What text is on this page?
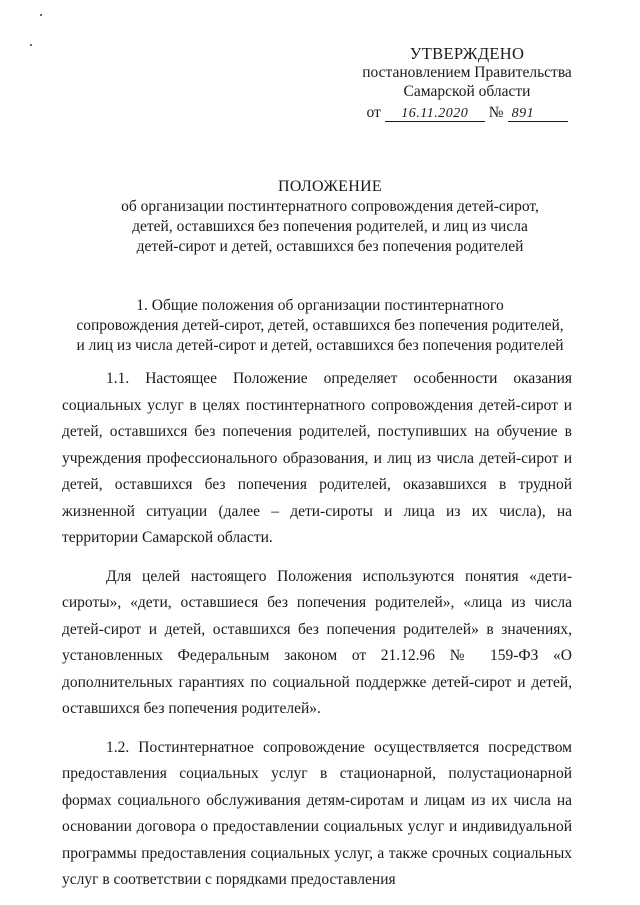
УТВЕРЖДЕНО
постановлением Правительства
Самарской области
от	16.11.2020	№ 891
ПОЛОЖЕНИЕ
об организации постинтернатного сопровождения детей-сирот,
детей, оставшихся без попечения родителей, и лиц из числа
детей-сирот и детей, оставшихся без попечения родителей
1. Общие положения об организации постинтернатного
сопровождения детей-сирот, детей, оставшихся без попечения родителей,
и лиц из числа детей-сирот и детей, оставшихся без попечения родителей

1.1. Настоящее Положение определяет особенности оказания социальных услуг в целях постинтернатного сопровождения детей-сирот и детей, оставшихся без попечения родителей, поступивших на обучение в учреждения профессионального образования, и лиц из числа детей-сирот и детей, оставшихся без попечения родителей, оказавшихся в трудной жизненной ситуации (далее – дети-сироты и лица из их числа), на территории Самарской области.

Для целей настоящего Положения используются понятия «дети-сироты», «дети, оставшиеся без попечения родителей», «лица из числа детей-сирот и детей, оставшихся без попечения родителей» в значениях, установленных Федеральным законом от 21.12.96 № 159-ФЗ «О дополнительных гарантиях по социальной поддержке детей-сирот и детей, оставшихся без попечения родителей».

1.2. Постинтернатное сопровождение осуществляется посредством предоставления социальных услуг в стационарной, полустационарной формах социального обслуживания детям-сиротам и лицам из их числа на основании договора о предоставлении социальных услуг и индивидуальной программы предоставления социальных услуг, а также срочных социальных услуг в соответствии с порядками предоставления
